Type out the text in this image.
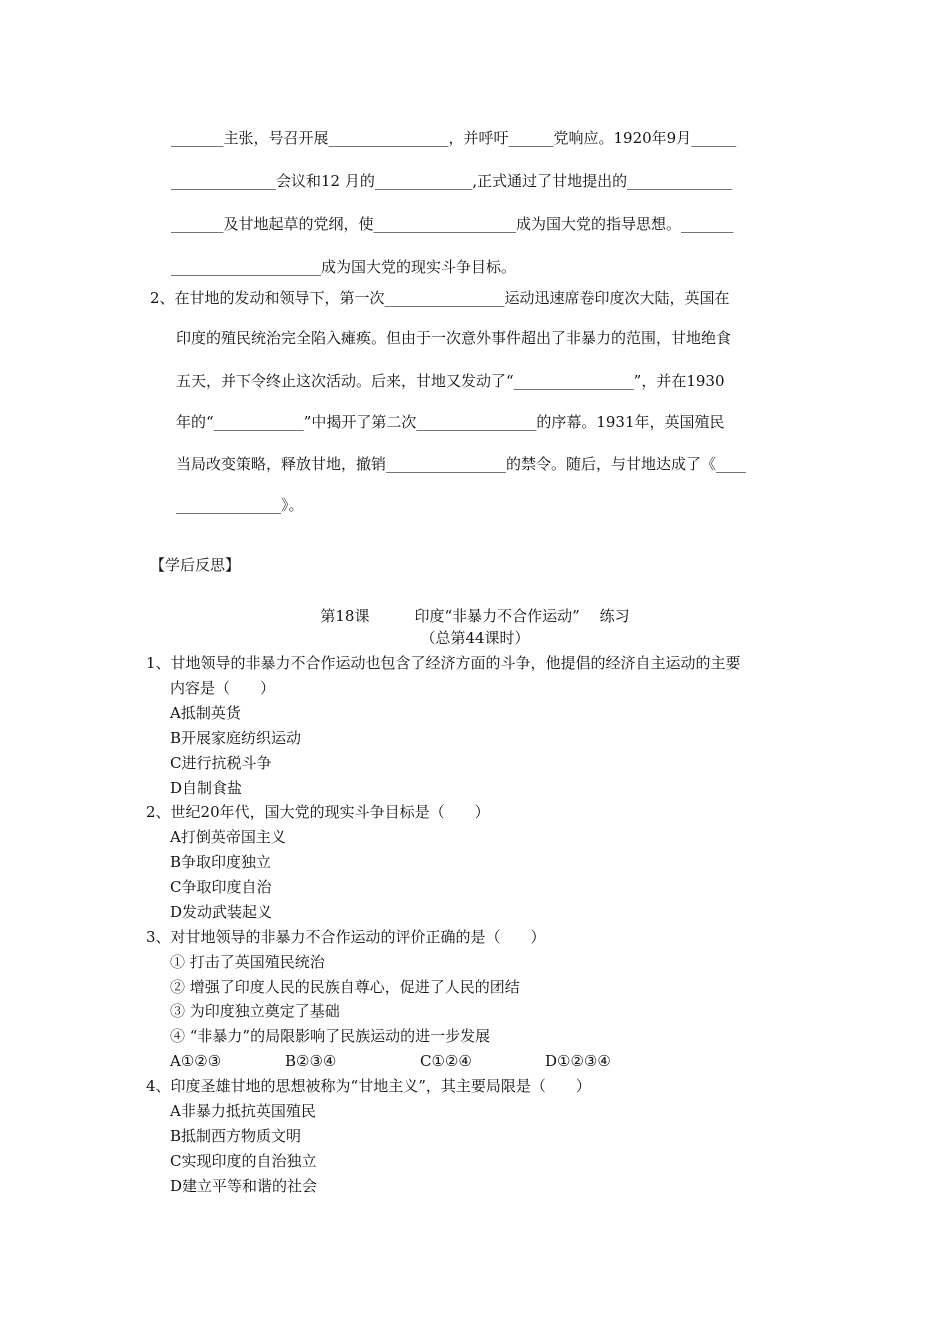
_______主张，号召开展________________，并呼吁______党响应。1920年9月______
______________会议和12 月的_____________,正式通过了甘地提出的______________
_______及甘地起草的党纲，使___________________成为国大党的指导思想。_______
____________________成为国大党的现实斗争目标。
2、在甘地的发动和领导下，第一次________________运动迅速席卷印度次大陆，英国在
印度的殖民统治完全陷入瘫痪。但由于一次意外事件超出了非暴力的范围，甘地绝食
五天，并下令终止这次活动。后来，甘地又发动了“________________”，并在1930
年的“____________”中揭开了第二次________________的序幕。1931年，英国殖民
当局改变策略，释放甘地，撤销________________的禁令。随后，与甘地达成了《____
______________》。
【学后反思】
第18课　　　印度“非暴力不合作运动”　 练习
（总第44课时）
1、甘地领导的非暴力不合作运动也包含了经济方面的斗争，他提倡的经济自主运动的主要
内容是（　　）
A抵制英货
B开展家庭纺织运动
C进行抗税斗争
D自制食盐
2、世纪20年代，国大党的现实斗争目标是（　　）
A打倒英帝国主义
B争取印度独立
C争取印度自治
D发动武装起义
3、对甘地领导的非暴力不合作运动的评价正确的是（　　）
① 打击了英国殖民统治
② 增强了印度人民的民族自尊心，促进了人民的团结
③ 为印度独立奠定了基础
④ “非暴力”的局限影响了民族运动的进一步发展
A①②③	B②③④	C①②④	D①②③④
4、印度圣雄甘地的思想被称为“甘地主义”，其主要局限是（　　）
A非暴力抵抗英国殖民
B抵制西方物质文明
C实现印度的自治独立
D建立平等和谐的社会
